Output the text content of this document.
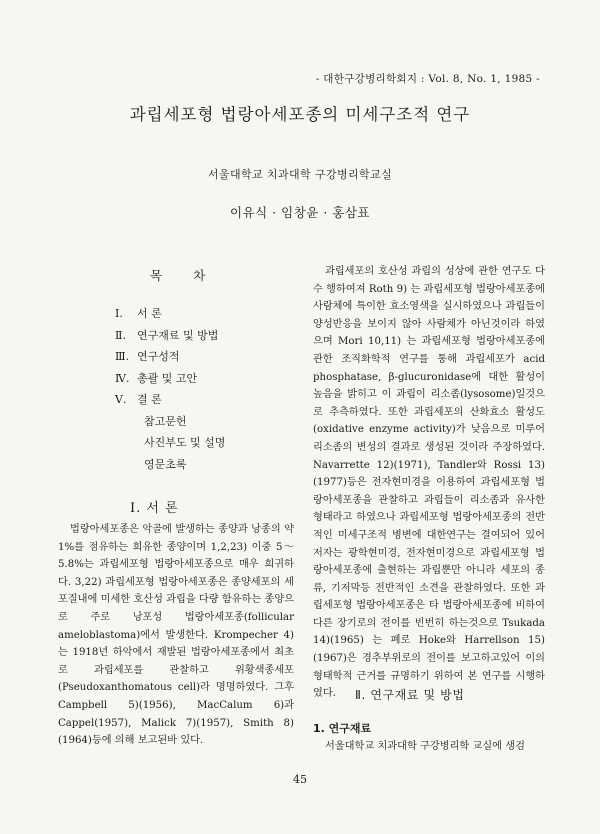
- 대한구강병리학회지 : Vol. 8, No. 1, 1985 -
과립세포형 법랑아세포종의 미세구조적 연구
서울대학교 치과대학 구강병리학교실
이유식 · 임창윤 · 홍삼표
목 차
Ⅰ. 서 론
Ⅱ. 연구재료 및 방법
Ⅲ. 연구성적
Ⅳ. 총괄 및 고안
Ⅴ. 결 론
참고문헌
사진부도 및 설명
영문초록
Ⅰ. 서 론

법랑아세포종은 악골에 발생하는 종양과 낭종의 약 1%를 점유하는 희유한 종양이며 1,2,23) 이중 5～5.8%는 과립세포형 법랑아세포종으로 매우 희귀하다. 3,22) 과립세포형 법랑아세포종은 종양세포의 세포질내에 미세한 호산성 과립을 다량 함유하는 종양으로 주로 낭포성 법랑아세포종(follicular ameloblastoma)에서 발생한다. Krompecher 4) 는 1918년 하악에서 재발된 법랑아세포종에서 최초로 과립세포를 관찰하고 위황색종세포(Pseudoxanthomatous cell)라 명명하였다. 그후 Campbell 5)(1956), MacCalum 6)과 Cappel(1957), Malick 7)(1957), Smith 8)(1964)등에 의해 보고된바 있다.

과립세포의 호산성 과립의 성상에 관한 연구도 다수 행하여져 Roth 9) 는 과립세포형 법랑아세포종에 사람체에 특이한 효소영색을 실시하였으나 과립들이 양성반응을 보이지 않아 사람체가 아닌것이라 하였으며 Mori 10,11) 는 과립세포형 법랑아세포종에 관한 조직화학적 연구를 통해 과립세포가 acid phosphatase, β-glucuronidase에 대한 활성이 높음을 밝히고 이 과립이 리소좀(lysosome)일것으로 추측하였다. 또한 과립세포의 산화효소 활성도(oxidative enzyme activity)가 낮음으로 미루어 리소좀의 변성의 결과로 생성된 것이라 주장하였다. Navarrette 12)(1971), Tandler와 Rossi 13)(1977)등은 전자현미경을 이용하여 과립세포형 법랑아세포종을 관찰하고 과립들이 리소좀과 유사한 형태라고 하였으나 과립세포형 법랑아세포종의 전반적인 미세구조적 병변에 대한연구는 결여되어 있어 저자는 광학현미경, 전자현미경으로 과립세포형 법랑아세포종에 출현하는 과립뿐만 아니라 세포의 종류, 기저막등 전반적인 소견을 관찰하였다. 또한 과립세포형 법랑아세포종은 타 법랑아세포종에 비하여 다른 장기로의 전이를 빈번히 하는것으로 Tsukada 14)(1965) 는 폐로 Hoke와 Harrellson 15)(1967)은 경추부위로의 전이를 보고하고있어 이의 형태학적 근거를 규명하기 위하여 본 연구를 시행하였다.	Ⅱ. 연구재료 및 방법
1. 연구재료

서울대학교 치과대학 구강병리학 교실에 생검

45
